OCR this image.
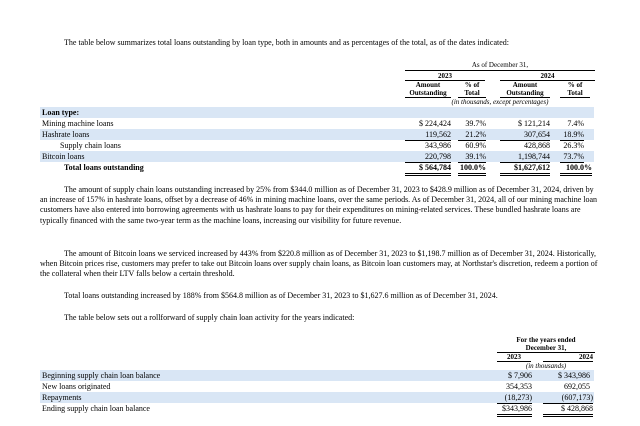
The table below summarizes total loans outstanding by loan type, both in amounts and as percentages of the total, as of the dates indicated:
As of December 31,
2023	2024
Amount
Outstanding
% of
Total
Amount
Outstanding
% of
Total
(in thousands, except percentages)
Loan type:
Mining machine loans	$ 224,424	39.7%	$ 121,214	7.4%
Hashrate loans	119,562	21.2%	307,654	18.9%
Supply chain loans	343,986	60.9%	428,868	26.3%
Bitcoin loans	220,798	39.1%	1,198,744	73.7%
Total loans outstanding	$ 564,784 100.0%	$1,627,612	100.0%
The amount of supply chain loans outstanding increased by 25% from $344.0 million as of December 31, 2023 to $428.9 million as of December 31, 2024, driven by an increase of 157% in hashrate loans, offset by a decrease of 46% in mining machine loans, over the same periods. As of December 31, 2024, all of our mining machine loan customers have also entered into borrowing agreements with us hashrate loans to pay for their expenditures on mining-related services. These bundled hashrate loans are typically financed with the same two-year term as the machine loans, increasing our visibility for future revenue.
The amount of Bitcoin loans we serviced increased by 443% from $220.8 million as of December 31, 2023 to $1,198.7 million as of December 31, 2024. Historically, when Bitcoin prices rise, customers may prefer to take out Bitcoin loans over supply chain loans, as Bitcoin loan customers may, at Northstar's discretion, redeem a portion of the collateral when their LTV falls below a certain threshold.
Total loans outstanding increased by 188% from $564.8 million as of December 31, 2023 to $1,627.6 million as of December 31, 2024.
The table below sets out a rollforward of supply chain loan activity for the years indicated:
For the years ended
December 31,
2023	2024
(in thousands)
Beginning supply chain loan balance	$ 7,906	$ 343,986
New loans originated	354,353	692,055
Repayments	(18,273)	(607,173)
Ending supply chain loan balance	$343,986	$ 428,868
